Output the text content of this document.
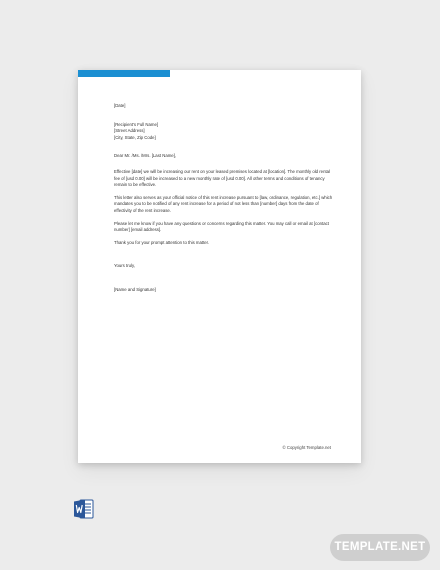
[Date]
[Recipient's Full Name]
[Street Address]
[City, State, Zip Code]
Dear Mr. /Ms. /Mrs. [Last Name],

Effective [date] we will be increasing our rent on your leased premises located at [location]. The monthly old rental fee of [usd 0.00] will be increased to a new monthly rate of [usd 0.00]. All other terms and conditions of tenancy remain to be effective.

This letter also serves as your official notice of this rent increase pursuant to [law, ordinance, regulation, etc.] which mandates you to be notified of any rent increase for a period of not less than [number] days from the date of effectivity of the rent increase.

Please let me know if you have any questions or concerns regarding this matter. You may call or email at [contact number] [email address].

Thank you for your prompt attention to this matter.

Yours truly,
[Name and Signature]
© Copyright Template.net
TEMPLATE.NET
